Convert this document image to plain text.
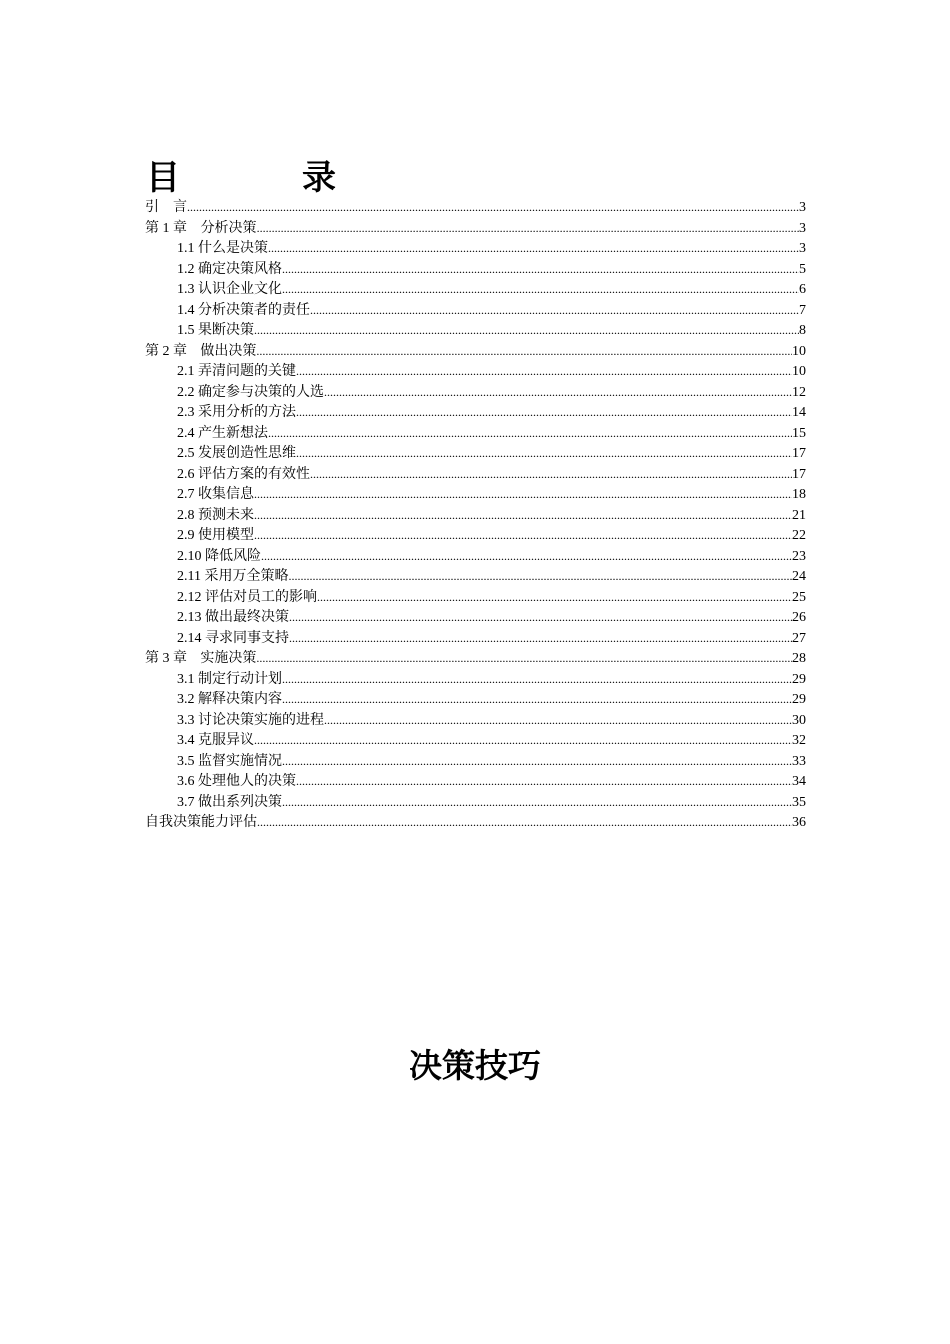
目	录
引　言 .....	3
第 1 章 分析决策 .....	3
1.1 什么是决策 .....	3
1.2 确定决策风格 .....	5
1.3 认识企业文化 .....	6
1.4 分析决策者的责任 .....	7
1.5 果断决策 .....	8
第 2 章 做出决策 .....	10
2.1 弄清问题的关键 .....	10
2.2 确定参与决策的人选 .....	12
2.3 采用分析的方法 .....	14
2.4 产生新想法 .....	15
2.5 发展创造性思维 .....	17
2.6 评估方案的有效性 .....	17
2.7 收集信息 .....	18
2.8 预测未来 .....	21
2.9 使用模型 .....	22
2.10 降低风险 .....	23
2.11 采用万全策略 .....	24
2.12 评估对员工的影响 .....	25
2.13 做出最终决策 .....	26
2.14 寻求同事支持 .....	27
第 3 章 实施决策 .....	28
3.1 制定行动计划 .....	29
3.2 解释决策内容 .....	29
3.3 讨论决策实施的进程 .....	30
3.4 克服异议 .....	32
3.5 监督实施情况 .....	33
3.6 处理他人的决策 .....	34
3.7 做出系列决策 .....	35
自我决策能力评估 .....	36
决策技巧
